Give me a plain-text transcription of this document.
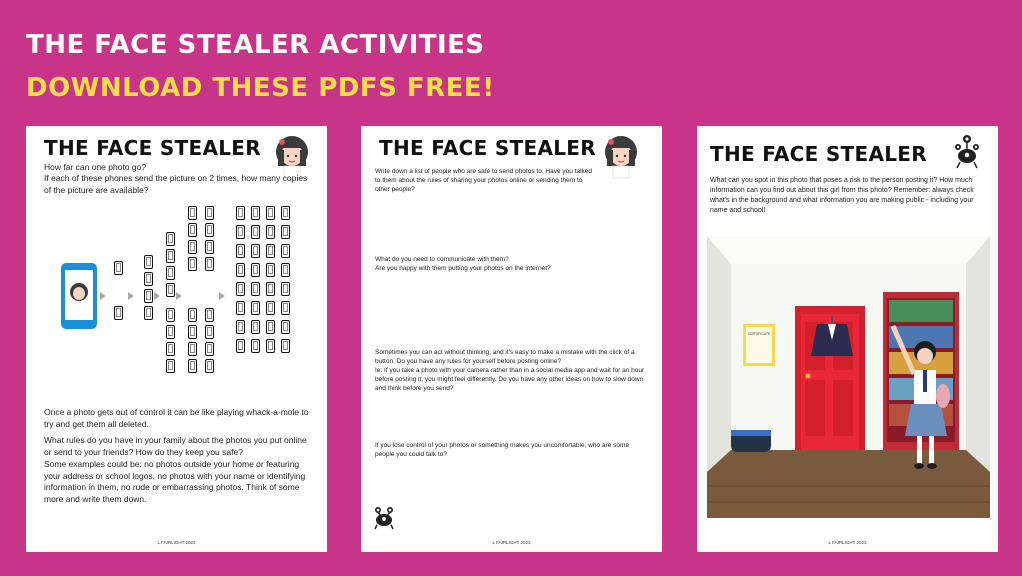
THE FACE STEALER ACTIVITIES
DOWNLOAD THESE PDFS FREE!
THE FACE STEALER
How far can one photo go?
If each of these phones send the picture on 2 times, how many copies of the picture are available?
Once a photo gets out of control it can be like playing whack-a-mole to try and get them all deleted.
What rules do you have in your family about the photos you put online or send to your friends? How do they keep you safe?
Some examples could be: no photos outside your home or featuring your address or school logos, no photos with your name or identifying information in them, no rude or embarrassing photos. Think of some more and write them down.
L FAIRLIGHT 2023
THE FACE STEALER
Write down a list of people who are safe to send photos to. Have you talked to them about the rules of sharing your photos online or sending them to other people?
What do you need to communicate with them?
Are you happy with them putting your photos on the internet?
Sometimes you can act without thinking, and it's easy to make a mistake with the click of a button. Do you have any rules for yourself before posting online?
Ie: If you take a photo with your camera rather than in a social media app and wait for an hour before posting it, you might feel differently. Do you have any other ideas on how to slow down and think before you send?
If you lose control of your photos or something makes you uncomfortable, who are some people you could talk to?
L FAIRLIGHT 2023
THE FACE STEALER
What can you spot in this photo that poses a risk to the person posting it? How much information can you find out about this girl from this photo? Remember: always check what's in the background and what information you are making public - including your name and school!
CERTIFICATE
L FAIRLIGHT 2023
